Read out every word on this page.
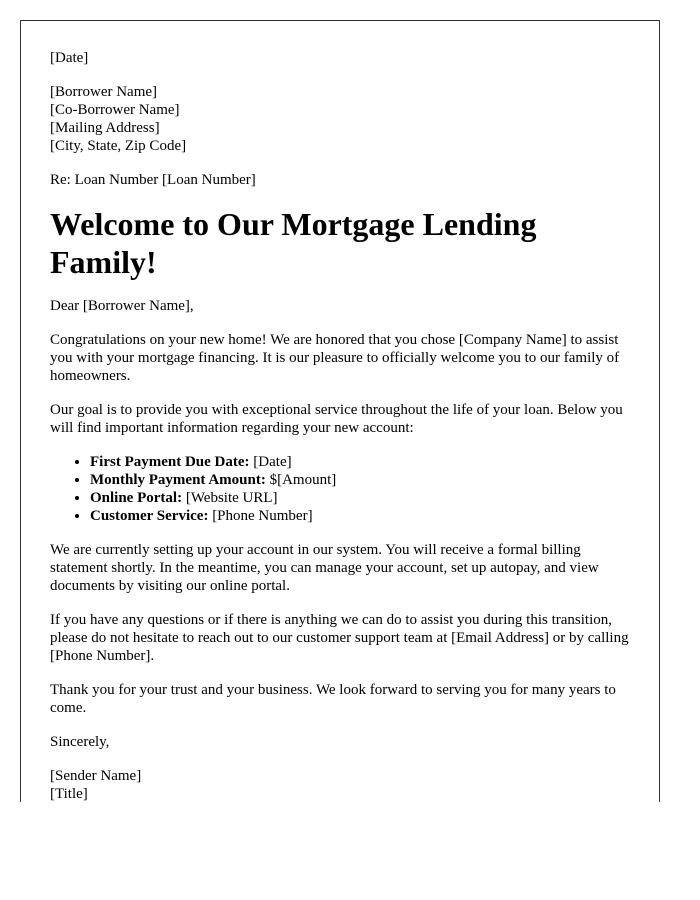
[Date]

[Borrower Name]
[Co-Borrower Name]
[Mailing Address]
[City, State, Zip Code]

Re: Loan Number [Loan Number]

Welcome to Our Mortgage Lending Family!

Dear [Borrower Name],

Congratulations on your new home! We are honored that you chose [Company Name] to assist you with your mortgage financing. It is our pleasure to officially welcome you to our family of homeowners.

Our goal is to provide you with exceptional service throughout the life of your loan. Below you will find important information regarding your new account:

• First Payment Due Date: [Date]
• Monthly Payment Amount: $[Amount]
• Online Portal: [Website URL]
• Customer Service: [Phone Number]

We are currently setting up your account in our system. You will receive a formal billing statement shortly. In the meantime, you can manage your account, set up autopay, and view documents by visiting our online portal.

If you have any questions or if there is anything we can do to assist you during this transition, please do not hesitate to reach out to our customer support team at [Email Address] or by calling [Phone Number].

Thank you for your trust and your business. We look forward to serving you for many years to come.

Sincerely,

[Sender Name]
[Title]
